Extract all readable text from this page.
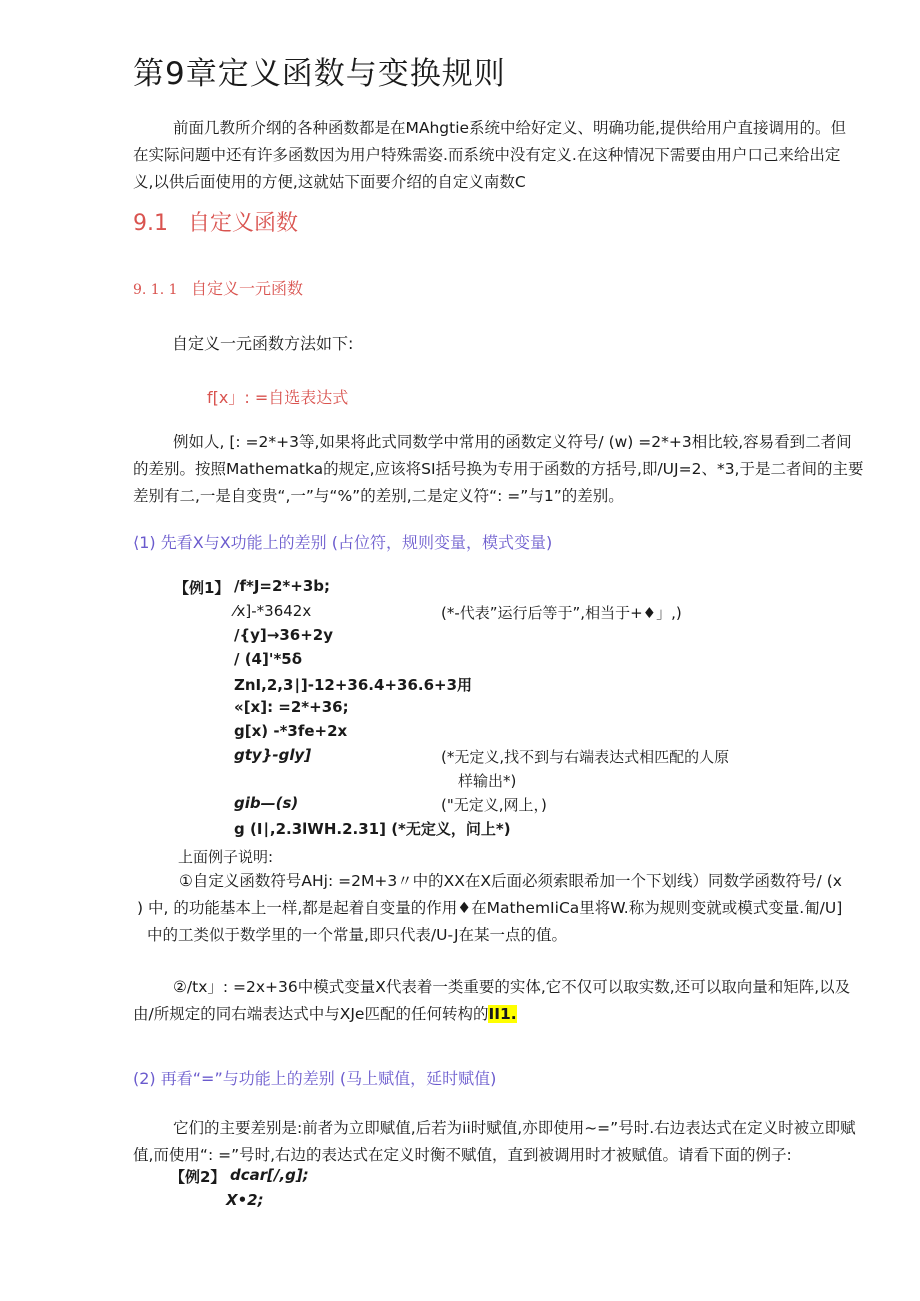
第9章定义函数与变换规则

前面几教所介纲的各种函数都是在MAhgtie系统中给好定义、明确功能,提供给用户直接调用的。但

在实际问题中还有许多函数因为用户特殊需姿.而系统中没有定义.在这种情况下需要由用户口己来给出定

义,以供后面使用的方便,这就姑下面要介绍的自定义南数C

9.1 自定义函数
9. 1. 1 自定义一元函数
自定义一元函数方法如下:
f[x」: =自选表达式

例如人, [: =2*+3等,如果将此式同数学中常用的函数定义符号/ (w) =2*+3相比较,容易看到二者间

的差别。按照Mathematka的规定,应该将SI括号换为专用于函数的方括号,即/UJ=2、*3,于是二者间的主要

差别有二,一是自变贵“,一”与“%”的差别,二是定义符“: =”与1”的差别。

⟨1) 先看X与X功能上的差别 (占位符，规则变量，模式变量)
【例1】 /f*J=2*+3b;
⁄x]-*3642x	(*-代表”运行后等于”,相当于+♦」,)
/{y]→36+2y
/ (4]'*5δ
ZnI,2,3∣]-12+36.4+36.6+3用
«[x]: =2*+36;
g[x) -*3fe+2x
gty}-gly]	(*无定义,找不到与右端表达式相匹配的人原
样输出*)
gib—(s)	("无定义,网上，)
g (I∣,2.3lWH.2.31] (*无定义，问上*)
上面例子说明:

①自定义函数符号AHj: =2M+3〃中的XX在X后面必须索眼希加一个下划线）同数学函数符号/ (x

) 中, 的功能基本上一样,都是起着自变量的作用♦在MathemIiCa里将W.称为规则变就或模式变量.匍/U]

中的工类似于数学里的一个常量,即只代表/U-J在某一点的值。

②/tx」: =2x+36中模式变量X代表着一类重要的实体,它不仅可以取实数,还可以取向量和矩阵,以及

由/所规定的同右端表达式中与XJe匹配的任何转构的II1.

(2) 再看“=”与功能上的差别 (马上赋值，延时赋值)

它们的主要差别是:前者为立即赋值,后若为ii时赋值,亦即使用~=”号时.右边表达式在定义时被立即赋

值,而使用“: =”号时,右边的表达式在定义时衡不赋值，直到被调用时才被赋值。请看下面的例子:

【例2】 dcar[/,g];
X•2;
